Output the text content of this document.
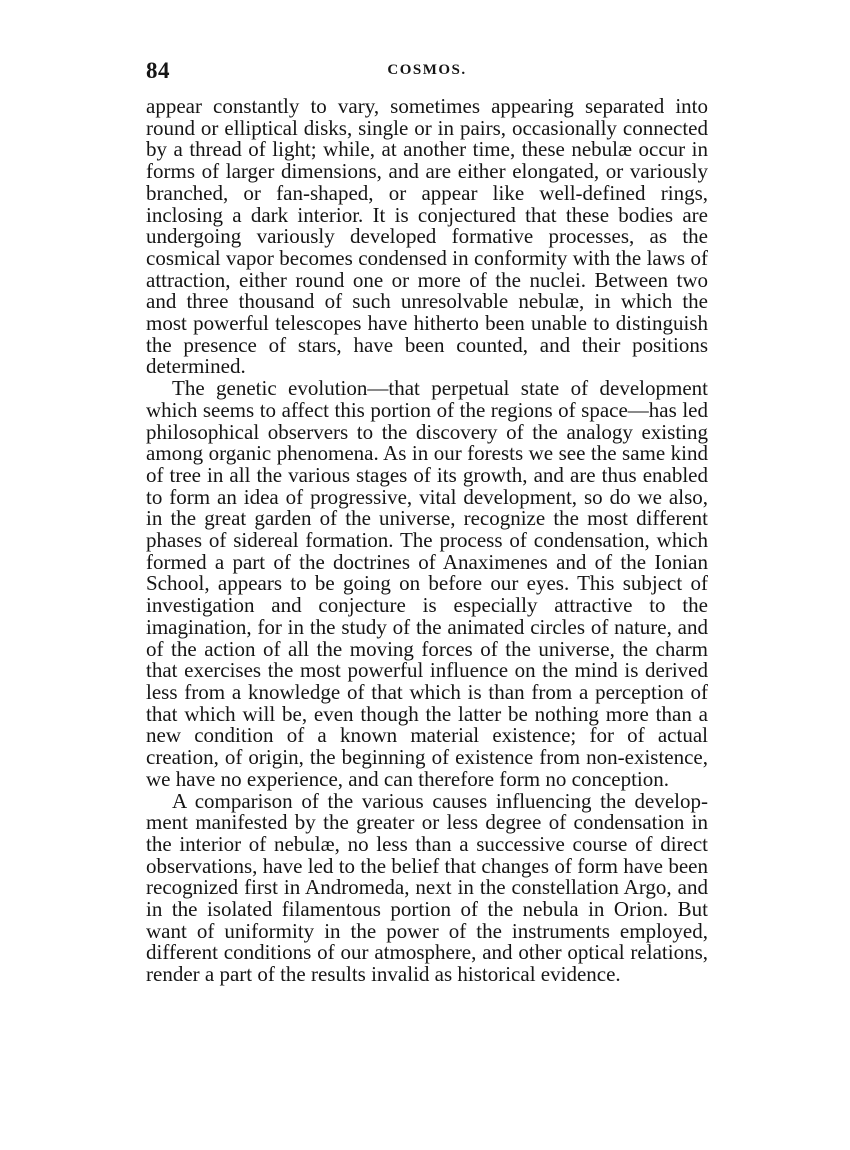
84	COSMOS.

appear constantly to vary, sometimes appearing separated into round or elliptical disks, single or in pairs, occasionally connected by a thread of light; while, at another time, these nebulæ occur in forms of larger dimensions, and are either elongated, or variously branched, or fan-shaped, or appear like well-defined rings, inclosing a dark interior. It is conjectured that these bodies are undergoing variously developed formative processes, as the cosmical vapor becomes condensed in conformity with the laws of attraction, either round one or more of the nuclei. Between two and three thousand of such unresolvable nebulæ, in which the most powerful telescopes have hitherto been unable to distinguish the presence of stars, have been counted, and their positions determined.

The genetic evolution—that perpetual state of development which seems to affect this portion of the regions of space—has led philosophical observers to the discovery of the analogy existing among organic phenomena. As in our forests we see the same kind of tree in all the various stages of its growth, and are thus enabled to form an idea of progressive, vital development, so do we also, in the great garden of the universe, recognize the most different phases of sidereal formation. The process of condensation, which formed a part of the doctrines of Anaximenes and of the Ionian School, appears to be going on before our eyes. This subject of investigation and conjecture is especially attractive to the imagination, for in the study of the animated circles of nature, and of the action of all the moving forces of the universe, the charm that exercises the most powerful influence on the mind is derived less from a knowledge of that which is than from a perception of that which will be, even though the latter be nothing more than a new condition of a known material existence; for of actual creation, of origin, the beginning of existence from non-existence, we have no experience, and can therefore form no conception.

A comparison of the various causes influencing the development manifested by the greater or less degree of condensation in the interior of nebulæ, no less than a successive course of direct observations, have led to the belief that changes of form have been recognized first in Andromeda, next in the constellation Argo, and in the isolated filamentous portion of the nebula in Orion. But want of uniformity in the power of the instruments employed, different conditions of our atmosphere, and other optical relations, render a part of the results invalid as historical evidence.
